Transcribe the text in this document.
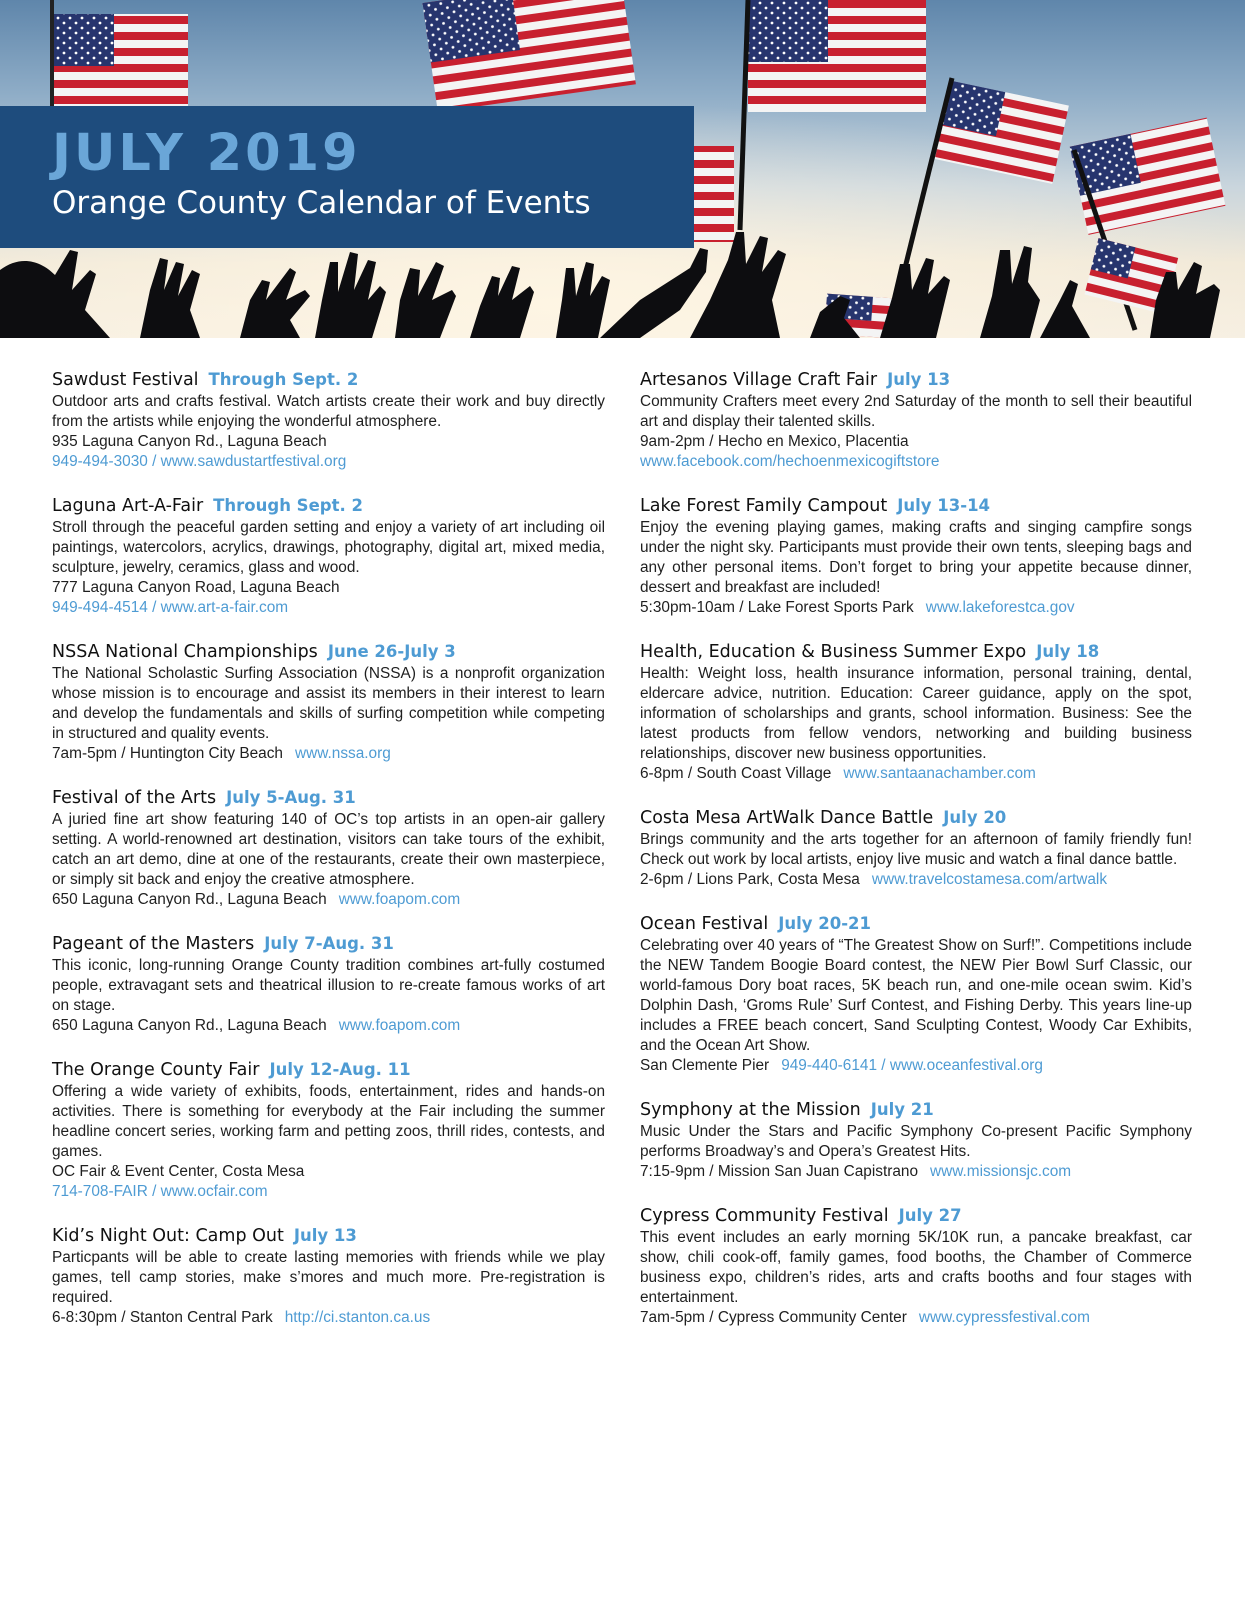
JULY 2019
Orange County Calendar of Events
Sawdust Festival Through Sept. 2

Outdoor arts and crafts festival. Watch artists create their work and buy directly from the artists while enjoying the wonderful atmosphere.

935 Laguna Canyon Rd., Laguna Beach
949-494-3030 / www.sawdustartfestival.org
Laguna Art-A-Fair Through Sept. 2

Stroll through the peaceful garden setting and enjoy a variety of art including oil paintings, watercolors, acrylics, drawings, photography, digital art, mixed media, sculpture, jewelry, ceramics, glass and wood.

777 Laguna Canyon Road, Laguna Beach
949-494-4514 / www.art-a-fair.com
NSSA National Championships June 26-July 3

The National Scholastic Surfing Association (NSSA) is a nonprofit organization whose mission is to encourage and assist its members in their interest to learn and develop the fundamentals and skills of surfing competition while competing in structured and quality events.

7am-5pm / Huntington City Beach www.nssa.org
Festival of the Arts July 5-Aug. 31

A juried fine art show featuring 140 of OC’s top artists in an open-air gallery setting. A world-renowned art destination, visitors can take tours of the exhibit, catch an art demo, dine at one of the restaurants, create their own masterpiece, or simply sit back and enjoy the creative atmosphere.

650 Laguna Canyon Rd., Laguna Beach www.foapom.com
Pageant of the Masters July 7-Aug. 31

This iconic, long-running Orange County tradition combines art-fully costumed people, extravagant sets and theatrical illusion to re-create famous works of art on stage.

650 Laguna Canyon Rd., Laguna Beach www.foapom.com
The Orange County Fair July 12-Aug. 11

Offering a wide variety of exhibits, foods, entertainment, rides and hands-on activities. There is something for everybody at the Fair including the summer headline concert series, working farm and petting zoos, thrill rides, contests, and games.

OC Fair & Event Center, Costa Mesa
714-708-FAIR / www.ocfair.com
Kid’s Night Out: Camp Out July 13

Particpants will be able to create lasting memories with friends while we play games, tell camp stories, make s’mores and much more. Pre-registration is required.

6-8:30pm / Stanton Central Park http://ci.stanton.ca.us
Artesanos Village Craft Fair July 13

Community Crafters meet every 2nd Saturday of the month to sell their beautiful art and display their talented skills.

9am-2pm / Hecho en Mexico, Placentia
www.facebook.com/hechoenmexicogiftstore
Lake Forest Family Campout July 13-14

Enjoy the evening playing games, making crafts and singing campfire songs under the night sky. Participants must provide their own tents, sleeping bags and any other personal items. Don’t forget to bring your appetite because dinner, dessert and breakfast are included!

5:30pm-10am / Lake Forest Sports Park www.lakeforestca.gov
Health, Education & Business Summer Expo July 18

Health: Weight loss, health insurance information, personal training, dental, eldercare advice, nutrition. Education: Career guidance, apply on the spot, information of scholarships and grants, school information. Business: See the latest products from fellow vendors, networking and building business relationships, discover new business opportunities.

6-8pm / South Coast Village www.santaanachamber.com
Costa Mesa ArtWalk Dance Battle July 20

Brings community and the arts together for an afternoon of family friendly fun! Check out work by local artists, enjoy live music and watch a final dance battle.

2-6pm / Lions Park, Costa Mesa www.travelcostamesa.com/artwalk
Ocean Festival July 20-21

Celebrating over 40 years of “The Greatest Show on Surf!”. Competitions include the NEW Tandem Boogie Board contest, the NEW Pier Bowl Surf Classic, our world-famous Dory boat races, 5K beach run, and one-mile ocean swim. Kid’s Dolphin Dash, ‘Groms Rule’ Surf Contest, and Fishing Derby. This years line-up includes a FREE beach concert, Sand Sculpting Contest, Woody Car Exhibits, and the Ocean Art Show.

San Clemente Pier 949-440-6141 / www.oceanfestival.org
Symphony at the Mission July 21

Music Under the Stars and Pacific Symphony Co-present Pacific Symphony performs Broadway’s and Opera’s Greatest Hits.

7:15-9pm / Mission San Juan Capistrano www.missionsjc.com
Cypress Community Festival July 27

This event includes an early morning 5K/10K run, a pancake breakfast, car show, chili cook-off, family games, food booths, the Chamber of Commerce business expo, children’s rides, arts and crafts booths and four stages with entertainment.

7am-5pm / Cypress Community Center www.cypressfestival.com
